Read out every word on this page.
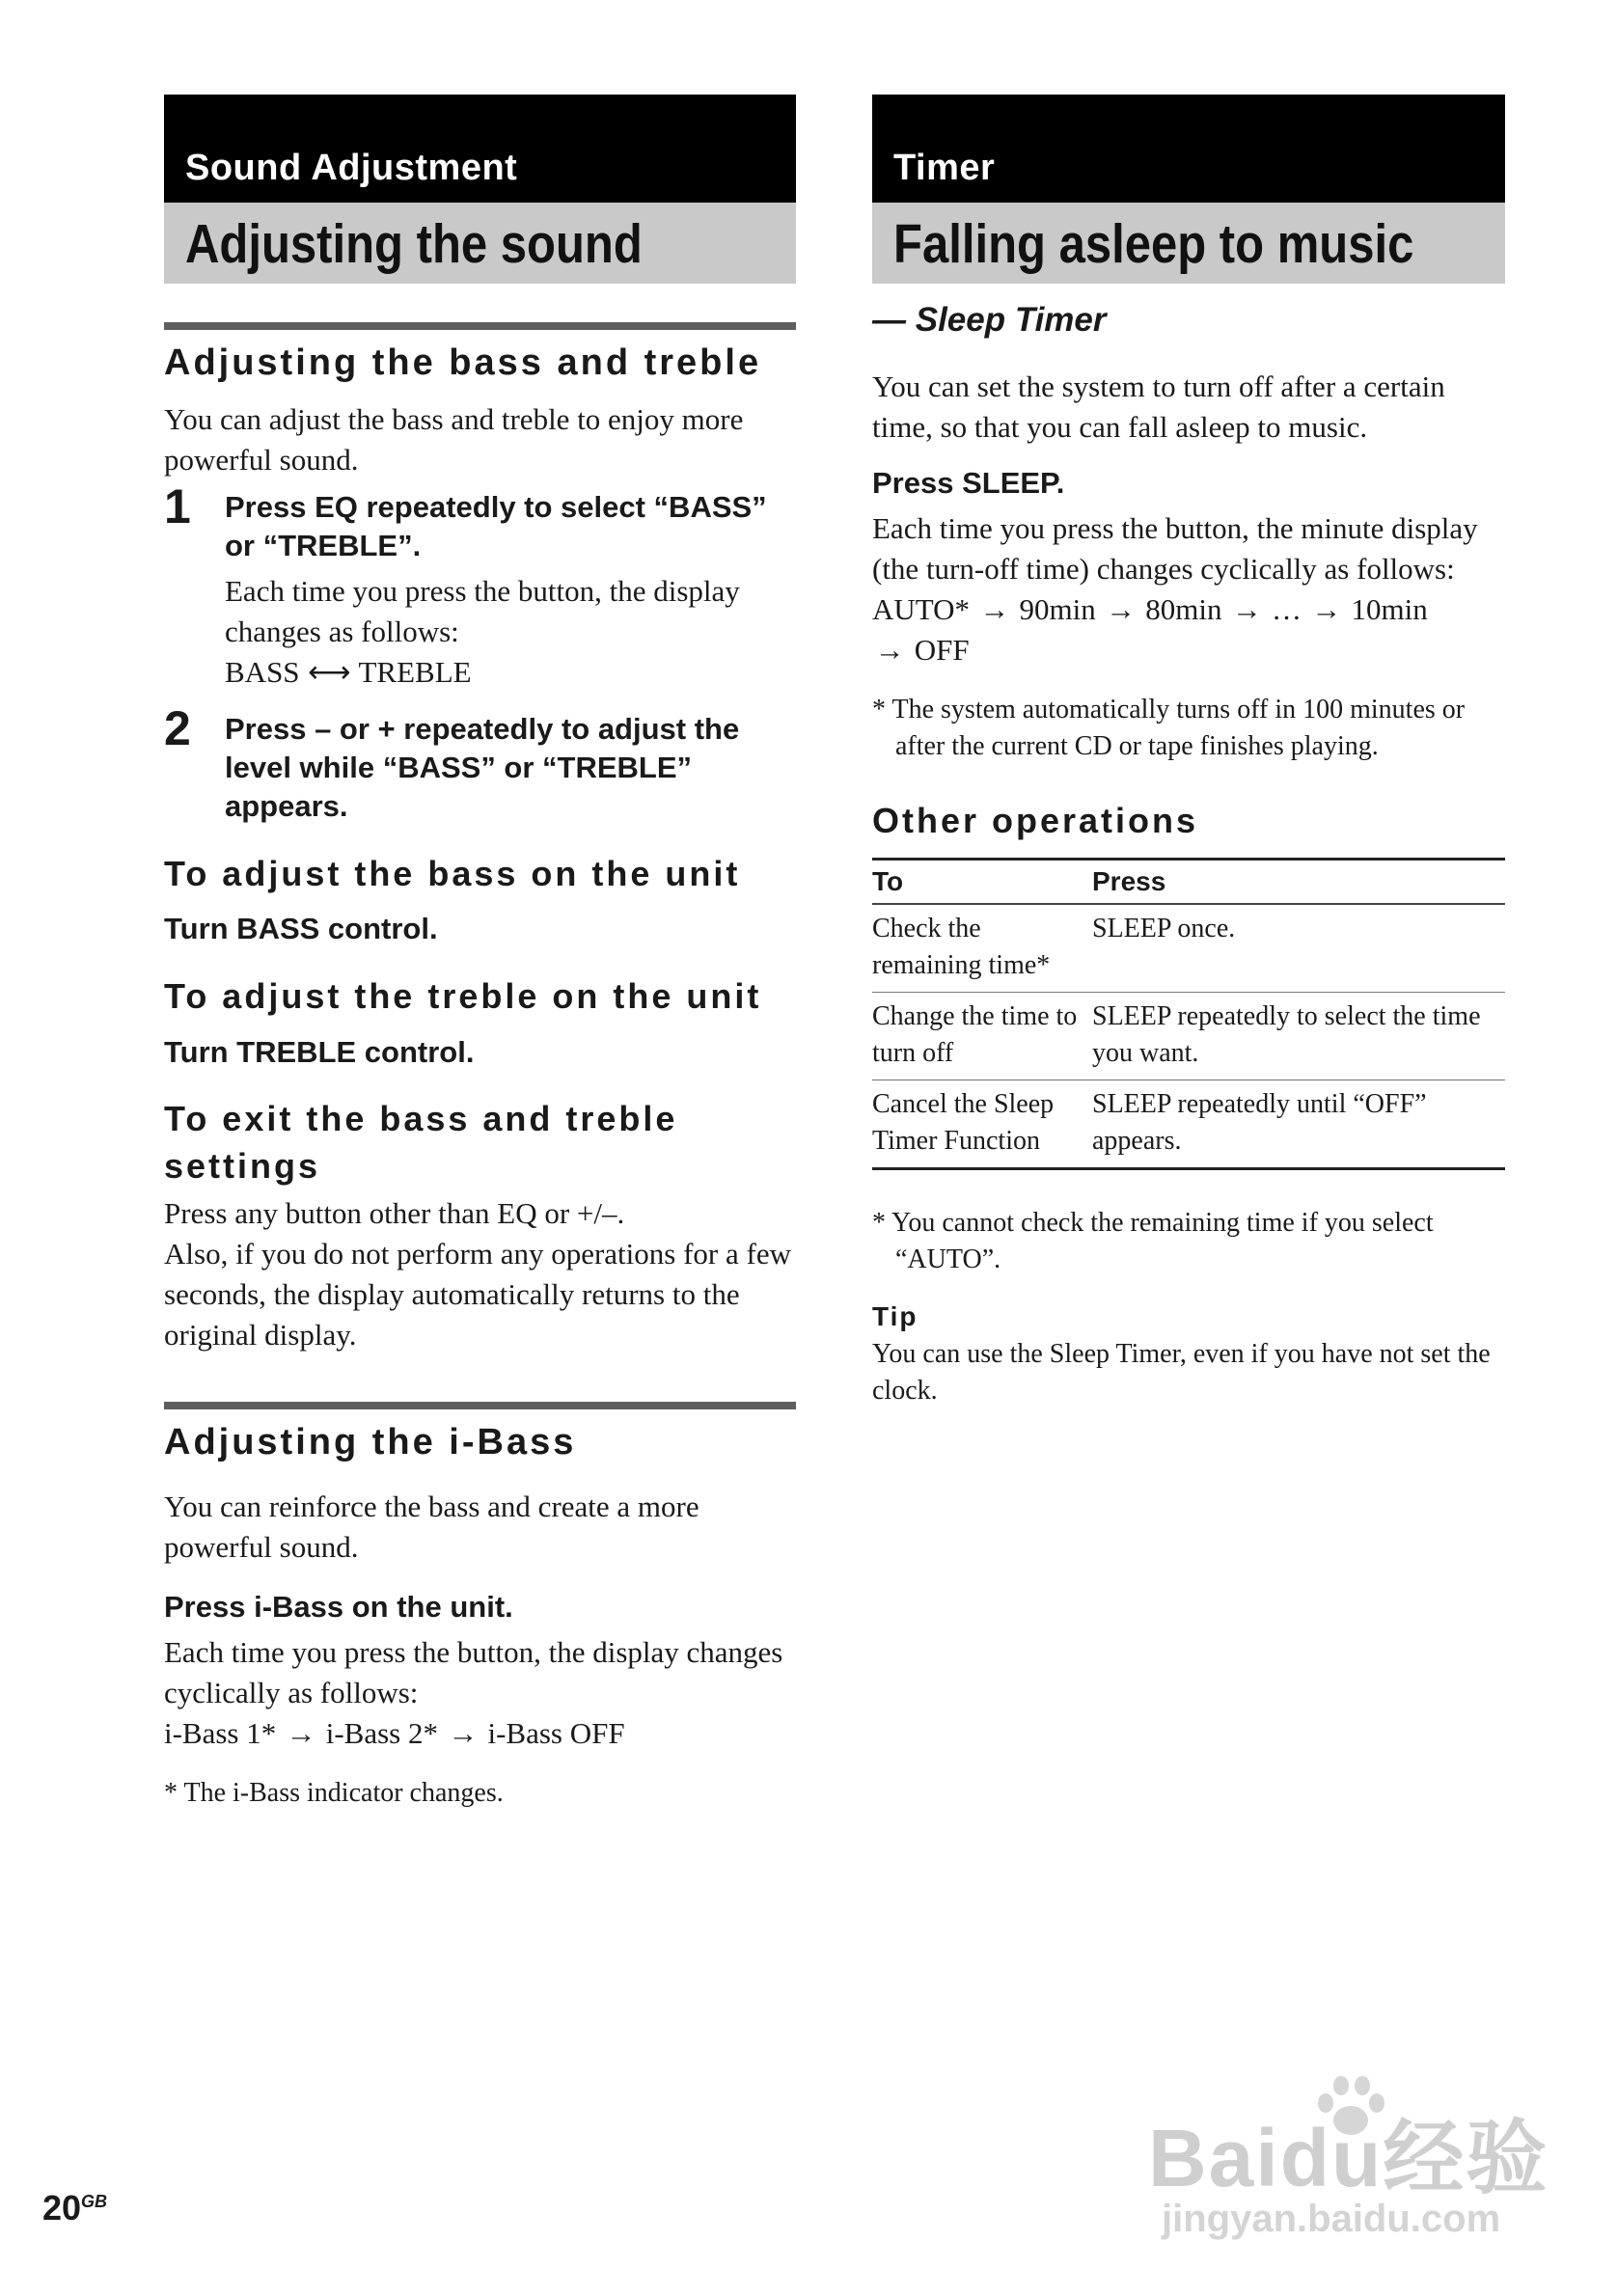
Sound Adjustment
Adjusting the sound
Adjusting the bass and treble

You can adjust the bass and treble to enjoy more powerful sound.

1 Press EQ repeatedly to select “BASS” or “TREBLE”.

Each time you press the button, the display changes as follows:

BASS ⟷ TREBLE

2 Press – or + repeatedly to adjust the level while “BASS” or “TREBLE” appears.
To adjust the bass on the unit
Turn BASS control.
To adjust the treble on the unit
Turn TREBLE control.
To exit the bass and treble settings

Press any button other than EQ or +/–.

Also, if you do not perform any operations for a few seconds, the display automatically returns to the original display.

Adjusting the i-Bass

You can reinforce the bass and create a more powerful sound.

Press i-Bass on the unit.

Each time you press the button, the display changes cyclically as follows:

i-Bass 1* → i-Bass 2* → i-Bass OFF

* The i-Bass indicator changes.
Timer
Falling asleep to music
— Sleep Timer

You can set the system to turn off after a certain time, so that you can fall asleep to music.

Press SLEEP.

Each time you press the button, the minute display (the turn-off time) changes cyclically as follows:

AUTO* → 90min → 80min → … → 10min
→ OFF

* The system automatically turns off in 100 minutes or after the current CD or tape finishes playing.
Other operations
To	Press
Check the remaining time*	SLEEP once.
Change the time to turn off	SLEEP repeatedly to select the time you want.
Cancel the Sleep Timer Function	SLEEP repeatedly until “OFF” appears.
* You cannot check the remaining time if you select “AUTO”.
Tip
You can use the Sleep Timer, even if you have not set the clock.
$20^{GB}$	Baidu经验
jingyan.baidu.com
